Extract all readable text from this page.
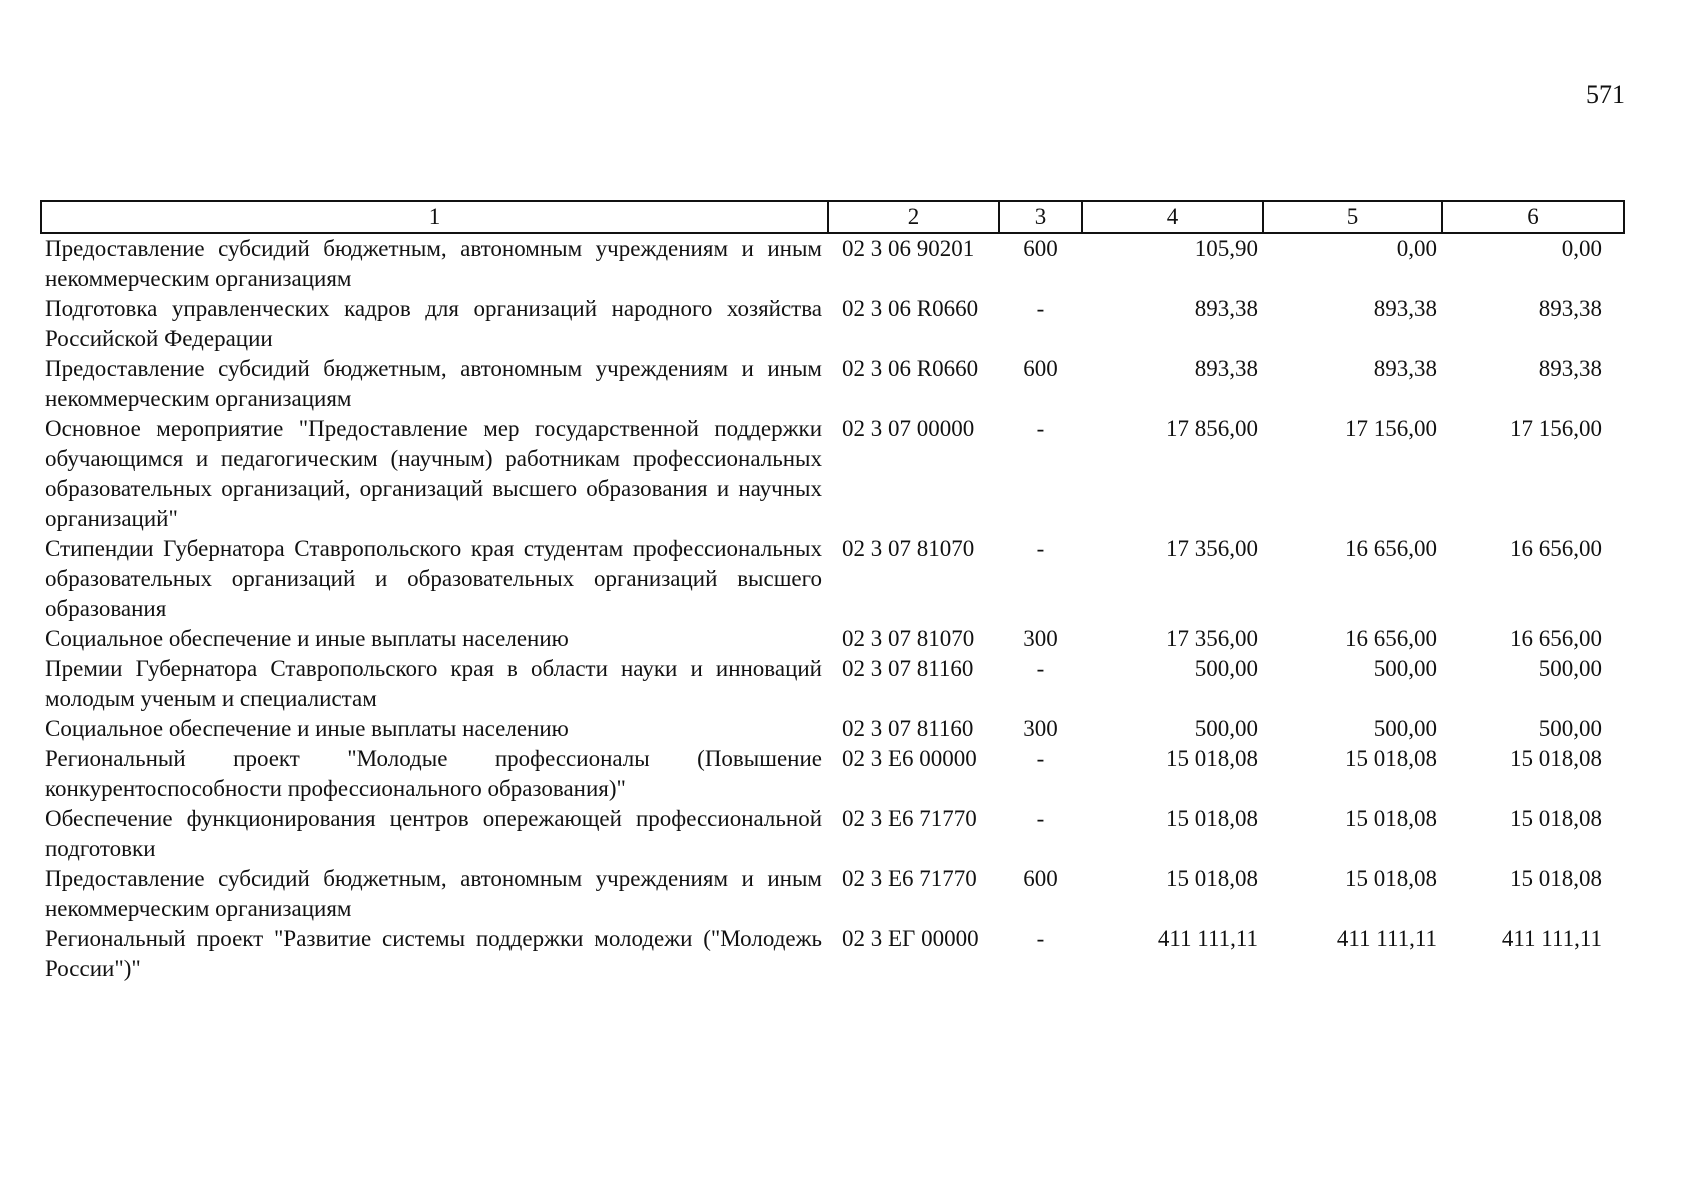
571
1	2	3	4	5	6
Предоставление субсидий бюджетным, автономным учреждениям и иным некоммерческим организациям	02 3 06 90201	600	105,90	0,00	0,00
Подготовка управленческих кадров для организаций народного хозяйства Российской Федерации	02 3 06 R0660	-	893,38	893,38	893,38
Предоставление субсидий бюджетным, автономным учреждениям и иным некоммерческим организациям	02 3 06 R0660	600	893,38	893,38	893,38
Основное мероприятие "Предоставление мер государственной поддержки обучающимся и педагогическим (научным) работникам профессиональных образовательных организаций, организаций высшего образования и научных организаций"	02 3 07 00000	-	17 856,00	17 156,00	17 156,00
Стипендии Губернатора Ставропольского края студентам профессиональных образовательных организаций и образовательных организаций высшего образования	02 3 07 81070	-	17 356,00	16 656,00	16 656,00
Социальное обеспечение и иные выплаты населению	02 3 07 81070	300	17 356,00	16 656,00	16 656,00
Премии Губернатора Ставропольского края в области науки и инноваций молодым ученым и специалистам	02 3 07 81160	-	500,00	500,00	500,00
Социальное обеспечение и иные выплаты населению	02 3 07 81160	300	500,00	500,00	500,00
Региональный проект "Молодые профессионалы (Повышение конкурентоспособности профессионального образования)"	02 3 Е6 00000	-	15 018,08	15 018,08	15 018,08
Обеспечение функционирования центров опережающей профессиональной подготовки	02 3 Е6 71770	-	15 018,08	15 018,08	15 018,08
Предоставление субсидий бюджетным, автономным учреждениям и иным некоммерческим организациям	02 3 Е6 71770	600	15 018,08	15 018,08	15 018,08
Региональный проект "Развитие системы поддержки молодежи ("Молодежь России")"	02 3 ЕГ 00000	-	411 111,11	411 111,11	411 111,11
